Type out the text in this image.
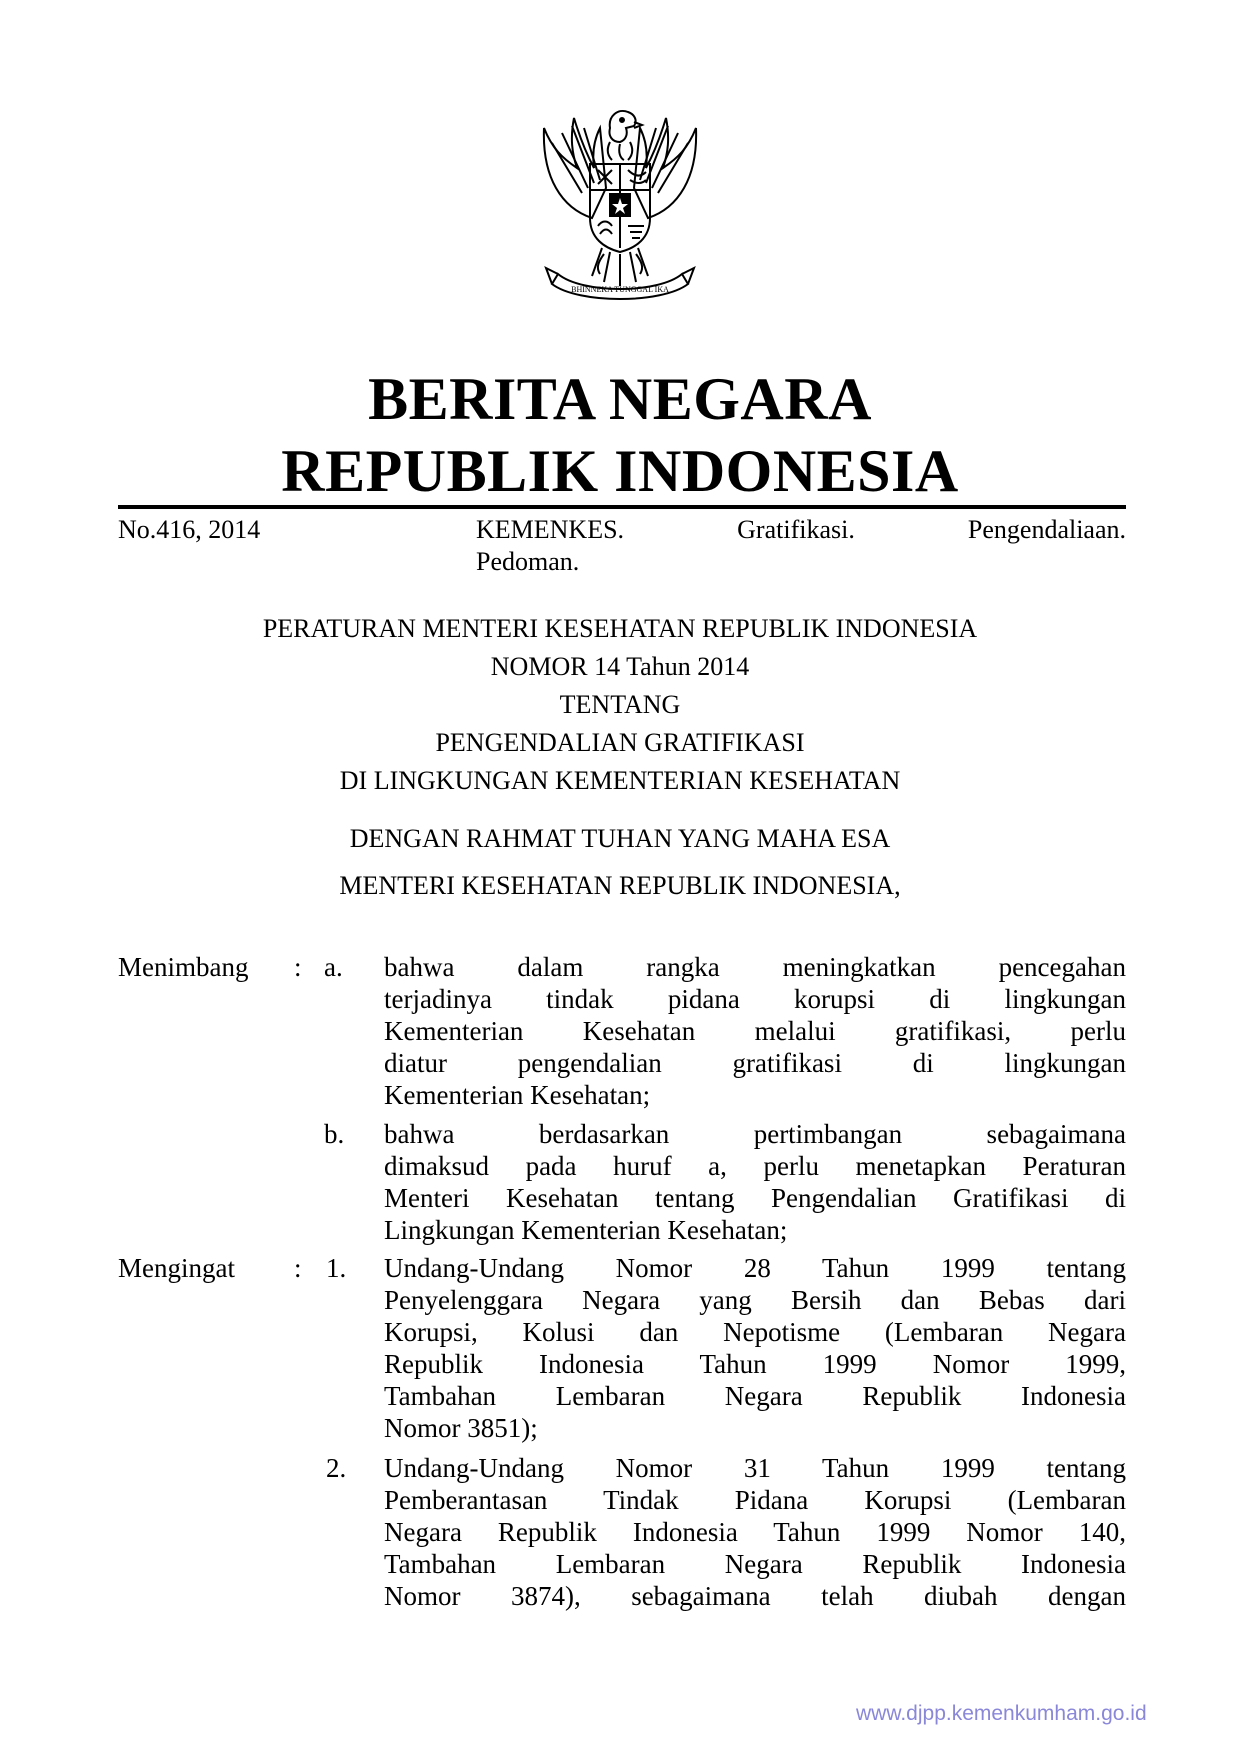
BHINNEKA TUNGGAL IKA
BERITA NEGARA
REPUBLIK INDONESIA
No.416, 2014	KEMENKES.	Gratifikasi.	Pengendaliaan.
Pedoman.
PERATURAN MENTERI KESEHATAN REPUBLIK INDONESIA
NOMOR 14 Tahun 2014
TENTANG
PENGENDALIAN GRATIFIKASI
DI LINGKUNGAN KEMENTERIAN KESEHATAN
DENGAN RAHMAT TUHAN YANG MAHA ESA
MENTERI KESEHATAN REPUBLIK INDONESIA,
Menimbang : a. bahwa dalam rangka meningkatkan pencegahan
terjadinya tindak pidana korupsi di lingkungan
Kementerian Kesehatan melalui gratifikasi, perlu
diatur pengendalian gratifikasi di lingkungan
Kementerian Kesehatan;
b. bahwa berdasarkan pertimbangan sebagaimana
dimaksud pada huruf a, perlu menetapkan Peraturan
Menteri Kesehatan tentang Pengendalian Gratifikasi di
Lingkungan Kementerian Kesehatan;
Mengingat : 1. Undang-Undang Nomor 28 Tahun 1999 tentang
Penyelenggara Negara yang Bersih dan Bebas dari
Korupsi, Kolusi dan Nepotisme (Lembaran Negara
Republik Indonesia Tahun 1999 Nomor 1999,
Tambahan Lembaran Negara Republik Indonesia
Nomor 3851);
2. Undang-Undang Nomor 31 Tahun 1999 tentang
Pemberantasan Tindak Pidana Korupsi (Lembaran
Negara Republik Indonesia Tahun 1999 Nomor 140,
Tambahan Lembaran Negara Republik Indonesia
Nomor 3874), sebagaimana telah diubah dengan
www.djpp.kemenkumham.go.id
